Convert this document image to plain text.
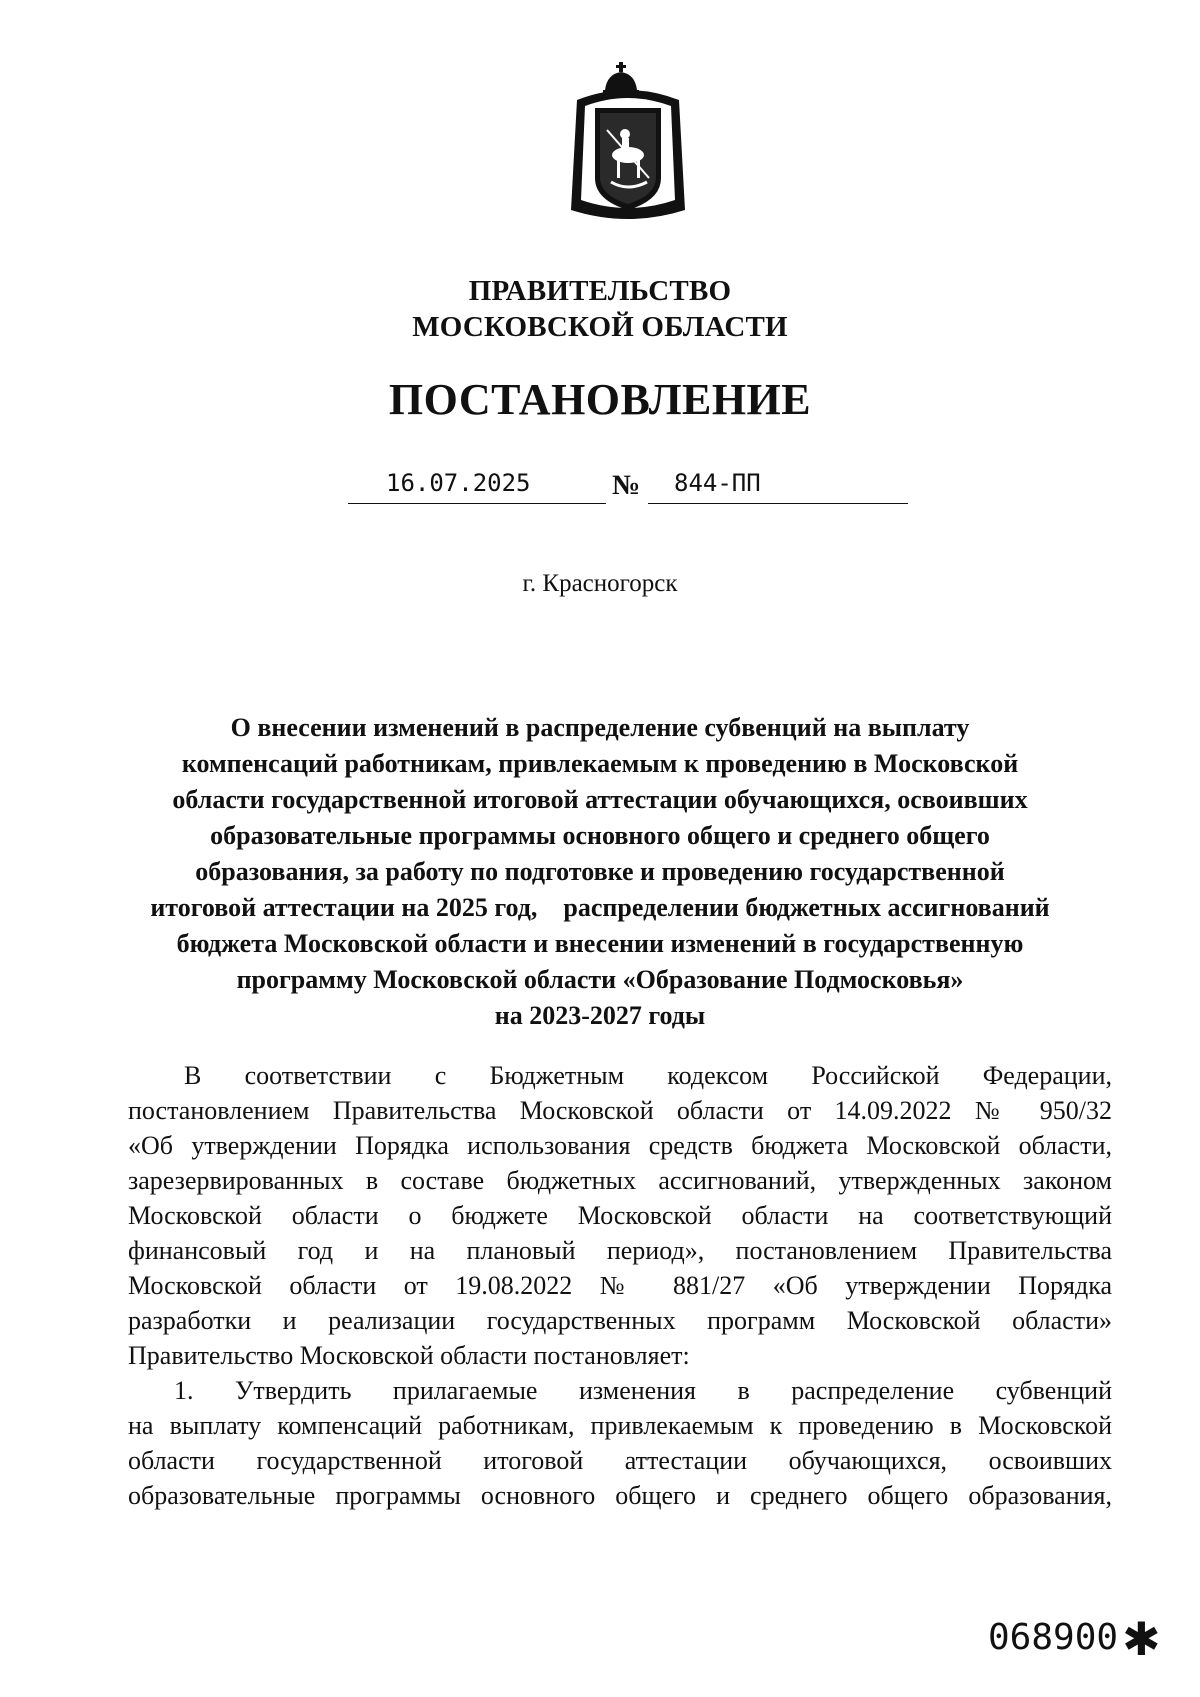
ПРАВИТЕЛЬСТВО
МОСКОВСКОЙ ОБЛАСТИ
ПОСТАНОВЛЕНИЕ
16.07.2025	№ 844-ПП
г. Красногорск
О внесении изменений в распределение субвенций на выплату
компенсаций работникам, привлекаемым к проведению в Московской
области государственной итоговой аттестации обучающихся, освоивших
образовательные программы основного общего и среднего общего
образования, за работу по подготовке и проведению государственной
итоговой аттестации на 2025 год,    распределении бюджетных ассигнований
бюджета Московской области и внесении изменений в государственную
программу Московской области «Образование Подмосковья»
на 2023-2027 годы
В соответствии с Бюджетным кодексом Российской Федерации,
постановлением Правительства Московской области от 14.09.2022 № 950/32
«Об утверждении Порядка использования средств бюджета Московской области,
зарезервированных в составе бюджетных ассигнований, утвержденных законом
Московской области о бюджете Московской области на соответствующий
финансовый год и на плановый период», постановлением Правительства
Московской области от 19.08.2022 № 881/27 «Об утверждении Порядка
разработки и реализации государственных программ Московской области»
Правительство Московской области постановляет:
1. Утвердить прилагаемые изменения в распределение субвенций
на выплату компенсаций работникам, привлекаемым к проведению в Московской
области государственной итоговой аттестации обучающихся, освоивших
образовательные программы основного общего и среднего общего образования,
068900 ✱
